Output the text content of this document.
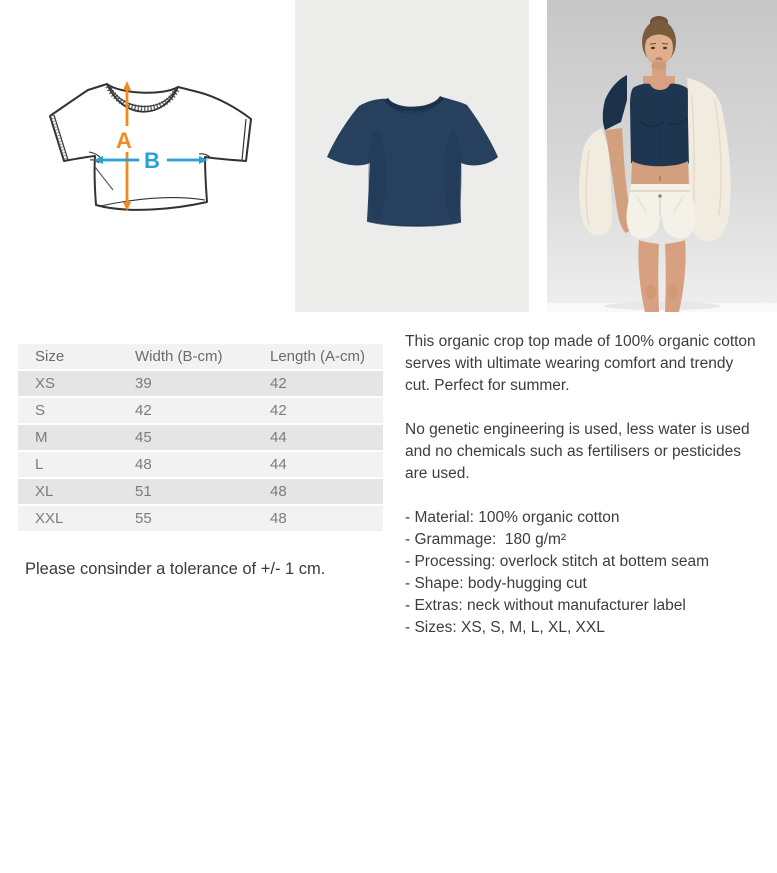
A
B
Size	Width (B-cm)	Length (A-cm)
XS	39	42
S	42	42
M	45	44
L	48	44
XL	51	48
XXL	55	48
Please consinder a tolerance of +/- 1 cm.

This organic crop top made of 100% organic cotton serves with ultimate wearing comfort and trendy cut. Perfect for summer.

No genetic engineering is used, less water is used and no chemicals such as fertilisers or pesticides are used.

- Material: 100% organic cotton
- Grammage:  180 g/m²
- Processing: overlock stitch at bottem seam
- Shape: body-hugging cut
- Extras: neck without manufacturer label
- Sizes: XS, S, M, L, XL, XXL
